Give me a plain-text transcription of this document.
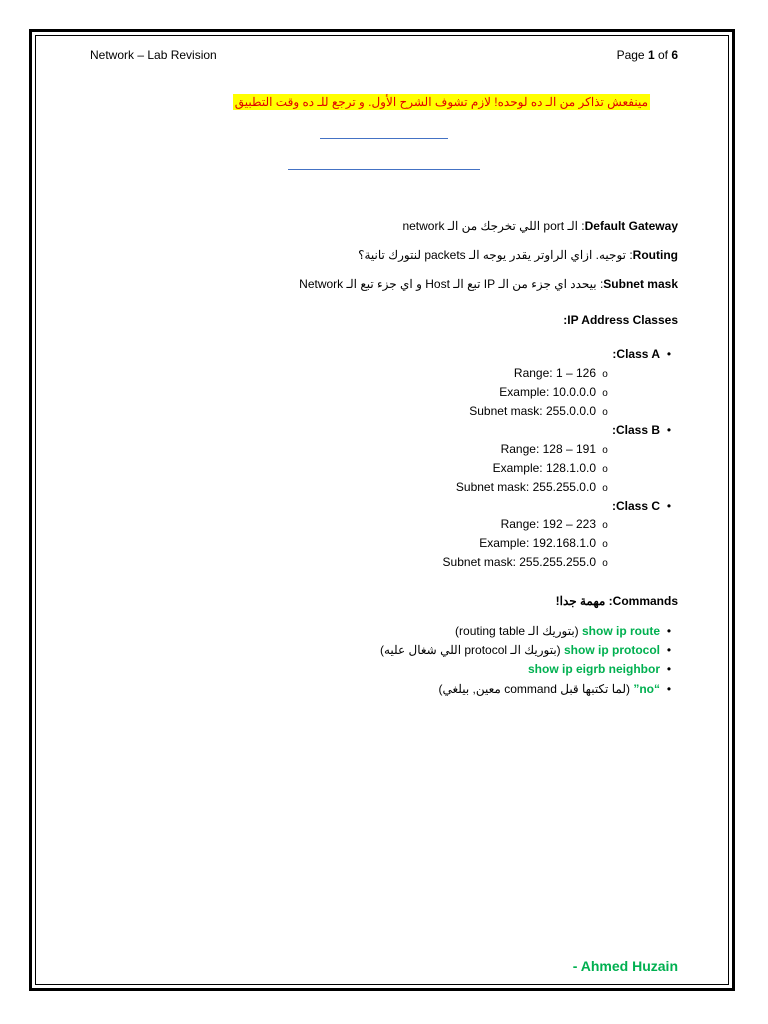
Network – Lab Revision	Page 1 of 6
مينفعش تذاكر من الـ ده لوحده! لازم تشوف الشرح الأول. و ترجع للـ ده وقت التطبيق
Default Gateway: الـ port اللي تخرجك من الـ network
Routing: توجيه. ازاي الراوتر يقدر يوجه الـ packets لنتورك تانية؟
Subnet mask: بيحدد اي جزء من الـ IP تبع الـ Host و اي جزء تبع الـ Network
IP Address Classes:
•Class A:
oRange: 1 – 126
oExample: 10.0.0.0
oSubnet mask: 255.0.0.0
•Class B:
oRange: 128 – 191
oExample: 128.1.0.0
oSubnet mask: 255.255.0.0
•Class C:
oRange: 192 – 223
oExample: 192.168.1.0
oSubnet mask: 255.255.255.0
Commands: مهمة جدا!
•show ip route (بتوريك الـ routing table)
•show ip protocol (بتوريك الـ protocol اللي شغال عليه)
•show ip eigrb neighbor
•“no” (لما تكتبها قبل command معين, بيلغي)
- Ahmed Huzain
